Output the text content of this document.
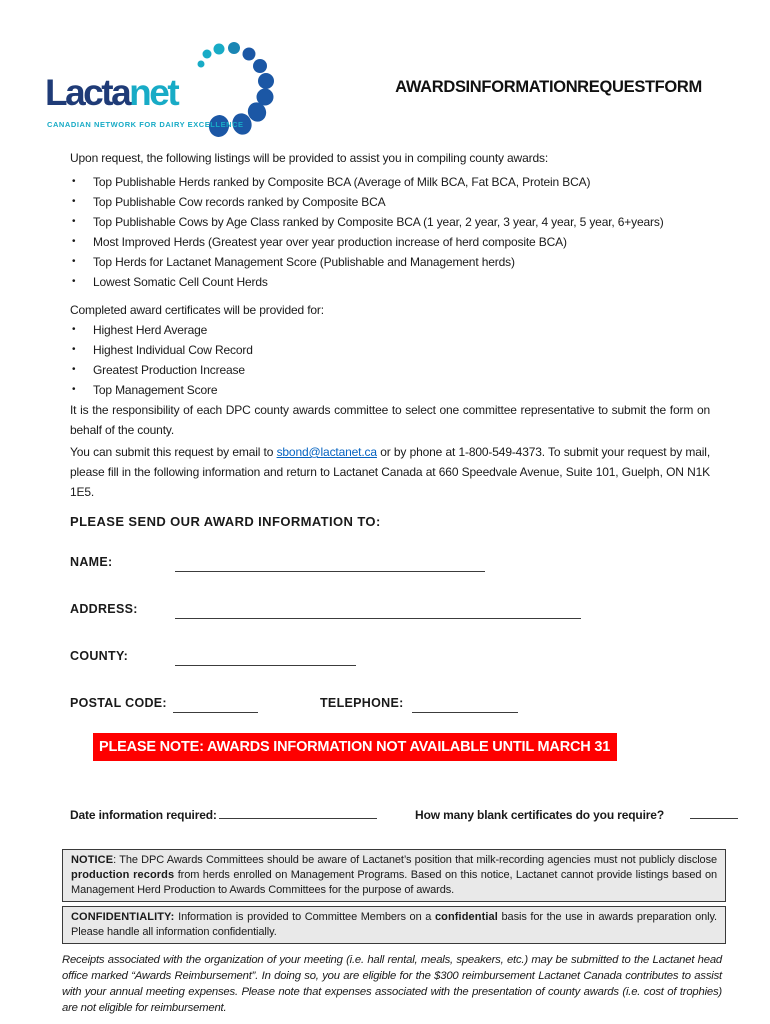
Lactanet
CANADIAN NETWORK FOR DAIRY EXCELLENCE
AWARDS INFORMATION REQUEST FORM

Upon request, the following listings will be provided to assist you in compiling county awards:

• Top Publishable Herds ranked by Composite BCA (Average of Milk BCA, Fat BCA, Protein BCA)
• Top Publishable Cow records ranked by Composite BCA
• Top Publishable Cows by Age Class ranked by Composite BCA (1 year, 2 year, 3 year, 4 year, 5 year, 6+years)
• Most Improved Herds (Greatest year over year production increase of herd composite BCA)
• Top Herds for Lactanet Management Score (Publishable and Management herds)
• Lowest Somatic Cell Count Herds

Completed award certificates will be provided for:

• Highest Herd Average
• Highest Individual Cow Record
• Greatest Production Increase
• Top Management Score

It is the responsibility of each DPC county awards committee to select one committee representative to submit the form on behalf of the county.

You can submit this request by email to sbond@lactanet.ca or by phone at 1-800-549-4373. To submit your request by mail, please fill in the following information and return to Lactanet Canada at 660 Speedvale Avenue, Suite 101, Guelph, ON N1K 1E5.

PLEASE SEND OUR AWARD INFORMATION TO:

NAME:
ADDRESS:
COUNTY:
POSTAL CODE:	TELEPHONE:
PLEASE NOTE: AWARDS INFORMATION NOT AVAILABLE UNTIL MARCH 31
Date information required:	How many blank certificates do you require?
NOTICE: The DPC Awards Committees should be aware of Lactanet’s position that milk-recording agencies must not publicly disclose production records from herds enrolled on Management Programs. Based on this notice, Lactanet cannot provide listings based on Management Herd Production to Awards Committees for the purpose of awards.
CONFIDENTIALITY: Information is provided to Committee Members on a confidential basis for the use in awards preparation only. Please handle all information confidentially.

Receipts associated with the organization of your meeting (i.e. hall rental, meals, speakers, etc.) may be submitted to the Lactanet head office marked “Awards Reimbursement”. In doing so, you are eligible for the $300 reimbursement Lactanet Canada contributes to assist with your annual meeting expenses. Please note that expenses associated with the presentation of county awards (i.e. cost of trophies) are not eligible for reimbursement.
